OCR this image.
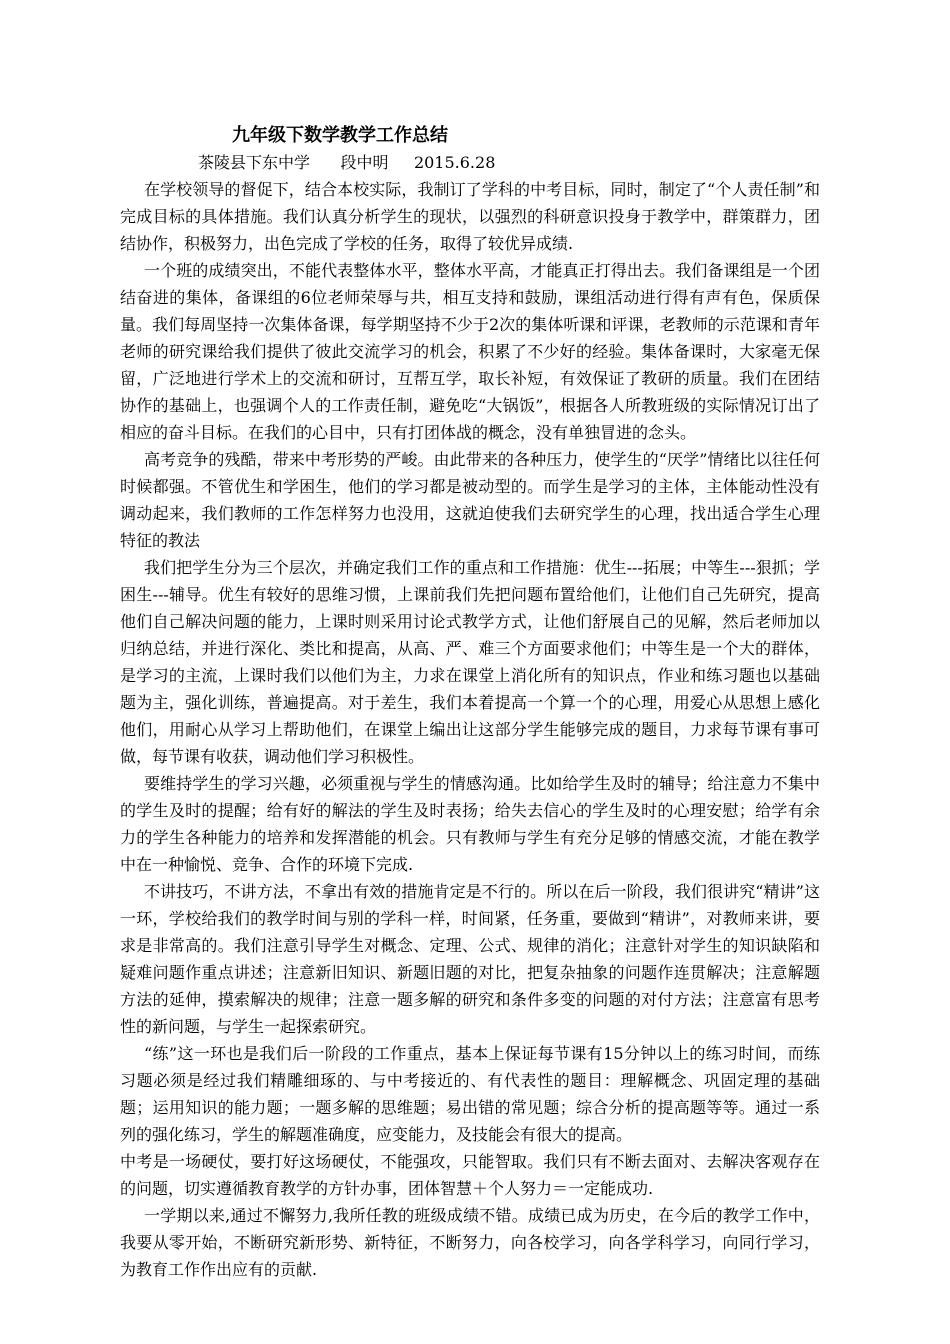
九年级下数学教学工作总结
茶陵县下东中学      段中明     2015.6.28

在学校领导的督促下，结合本校实际，我制订了学科的中考目标，同时，制定了“个人责任制”和完成目标的具体措施。我们认真分析学生的现状，以强烈的科研意识投身于教学中，群策群力，团结协作，积极努力，出色完成了学校的任务，取得了较优异成绩.

一个班的成绩突出，不能代表整体水平，整体水平高，才能真正打得出去。我们备课组是一个团结奋进的集体，备课组的6位老师荣辱与共，相互支持和鼓励，课组活动进行得有声有色，保质保量。我们每周坚持一次集体备课，每学期坚持不少于2次的集体听课和评课，老教师的示范课和青年老师的研究课给我们提供了彼此交流学习的机会，积累了不少好的经验。集体备课时，大家毫无保留，广泛地进行学术上的交流和研讨，互帮互学，取长补短，有效保证了教研的质量。我们在团结协作的基础上，也强调个人的工作责任制，避免吃“大锅饭”，根据各人所教班级的实际情况订出了相应的奋斗目标。在我们的心目中，只有打团体战的概念，没有单独冒进的念头。

高考竞争的残酷，带来中考形势的严峻。由此带来的各种压力，使学生的“厌学”情绪比以往任何时候都强。不管优生和学困生，他们的学习都是被动型的。而学生是学习的主体，主体能动性没有调动起来，我们教师的工作怎样努力也没用，这就迫使我们去研究学生的心理，找出适合学生心理特征的教法

我们把学生分为三个层次，并确定我们工作的重点和工作措施：优生---拓展；中等生---狠抓；学困生---辅导。优生有较好的思维习惯，上课前我们先把问题布置给他们，让他们自己先研究，提高他们自己解决问题的能力，上课时则采用讨论式教学方式，让他们舒展自己的见解，然后老师加以归纳总结，并进行深化、类比和提高，从高、严、难三个方面要求他们；中等生是一个大的群体，是学习的主流，上课时我们以他们为主，力求在课堂上消化所有的知识点，作业和练习题也以基础题为主，强化训练，普遍提高。对于差生，我们本着提高一个算一个的心理，用爱心从思想上感化他们，用耐心从学习上帮助他们，在课堂上编出让这部分学生能够完成的题目，力求每节课有事可做，每节课有收获，调动他们学习积极性。

要维持学生的学习兴趣，必须重视与学生的情感沟通。比如给学生及时的辅导；给注意力不集中的学生及时的提醒；给有好的解法的学生及时表扬；给失去信心的学生及时的心理安慰；给学有余力的学生各种能力的培养和发挥潜能的机会。只有教师与学生有充分足够的情感交流，才能在教学中在一种愉悦、竞争、合作的环境下完成.

不讲技巧，不讲方法，不拿出有效的措施肯定是不行的。所以在后一阶段，我们很讲究“精讲”这一环，学校给我们的教学时间与别的学科一样，时间紧，任务重，要做到“精讲”，对教师来讲，要求是非常高的。我们注意引导学生对概念、定理、公式、规律的消化；注意针对学生的知识缺陷和疑难问题作重点讲述；注意新旧知识、新题旧题的对比，把复杂抽象的问题作连贯解决；注意解题方法的延伸，摸索解决的规律；注意一题多解的研究和条件多变的问题的对付方法；注意富有思考性的新问题，与学生一起探索研究。

“练”这一环也是我们后一阶段的工作重点，基本上保证每节课有15分钟以上的练习时间，而练习题必须是经过我们精雕细琢的、与中考接近的、有代表性的题目：理解概念、巩固定理的基础题；运用知识的能力题；一题多解的思维题；易出错的常见题；综合分析的提高题等等。通过一系列的强化练习，学生的解题准确度，应变能力，及技能会有很大的提高。

中考是一场硬仗，要打好这场硬仗，不能强攻，只能智取。我们只有不断去面对、去解决客观存在的问题，切实遵循教育教学的方针办事，团体智慧＋个人努力＝一定能成功.

一学期以来,通过不懈努力,我所任教的班级成绩不错。成绩已成为历史，在今后的教学工作中，我要从零开始，不断研究新形势、新特征，不断努力，向各校学习，向各学科学习，向同行学习，为教育工作作出应有的贡献.
